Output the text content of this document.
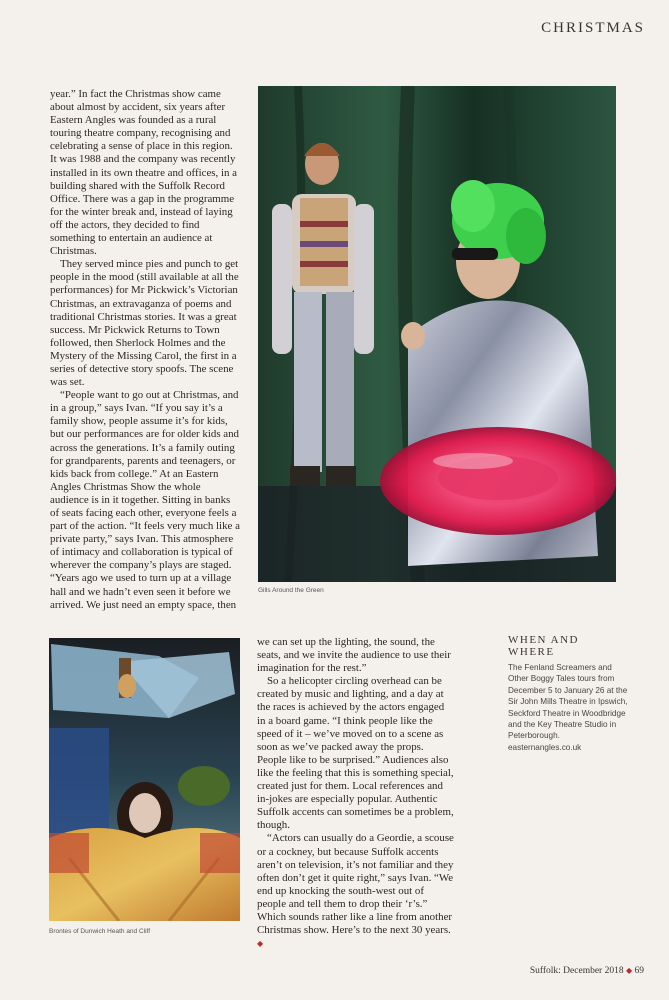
CHRISTMAS

year.” In fact the Christmas show came about almost by accident, six years after Eastern Angles was founded as a rural touring theatre company, recognising and celebrating a sense of place in this region. It was 1988 and the company was recently installed in its own theatre and offices, in a building shared with the Suffolk Record Office. There was a gap in the programme for the winter break and, instead of laying off the actors, they decided to find something to entertain an audience at Christmas.

They served mince pies and punch to get people in the mood (still available at all the performances) for Mr Pickwick’s Victorian Christmas, an extravaganza of poems and traditional Christmas stories. It was a great success. Mr Pickwick Returns to Town followed, then Sherlock Holmes and the Mystery of the Missing Carol, the first in a series of detective story spoofs. The scene was set.

“People want to go out at Christmas, and in a group,” says Ivan. “If you say it’s a family show, people assume it’s for kids, but our performances are for older kids and across the generations. It’s a family outing for grandparents, parents and teenagers, or kids back from college.” At an Eastern Angles Christmas Show the whole audience is in it together. Sitting in banks of seats facing each other, everyone feels a part of the action. “It feels very much like a private party,” says Ivan. This atmosphere of intimacy and collaboration is typical of wherever the company’s plays are staged. “Years ago we used to turn up at a village hall and we hadn’t even seen it before we arrived. We just need an empty space, then

Gills Around the Green
Brontes of Dunwich Heath and Cliff

we can set up the lighting, the sound, the seats, and we invite the audience to use their imagination for the rest.”

So a helicopter circling overhead can be created by music and lighting, and a day at the races is achieved by the actors engaged in a board game. “I think people like the speed of it – we’ve moved on to a scene as soon as we’ve packed away the props. People like to be surprised.” Audiences also like the feeling that this is something special, created just for them. Local references and in-jokes are especially popular. Authentic Suffolk accents can sometimes be a problem, though.

“Actors can usually do a Geordie, a scouse or a cockney, but because Suffolk accents aren’t on television, it’s not familiar and they often don’t get it quite right,” says Ivan. “We end up knocking the south-west out of people and tell them to drop their ‘r’s.” Which sounds rather like a line from another Christmas show. Here’s to the next 30 years. ◆

WHEN AND WHERE
The Fenland Screamers and Other Boggy Tales tours from December 5 to January 26 at the Sir John Mills Theatre in Ipswich, Seckford Theatre in Woodbridge and the Key Theatre Studio in Peterborough. easternangles.co.uk
Suffolk: December 2018 ◆ 69
